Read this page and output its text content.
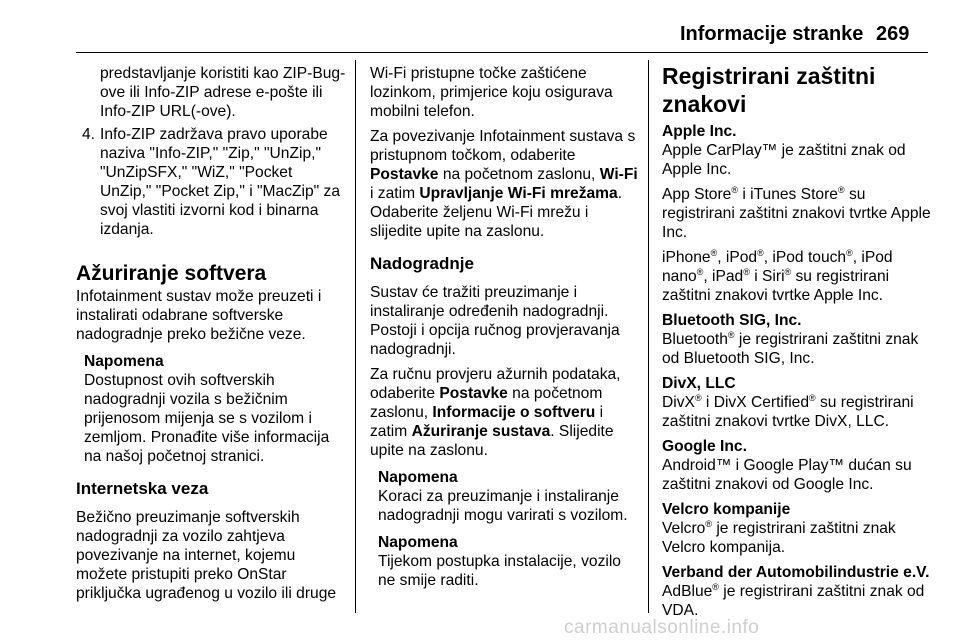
Informacije stranke 269

predstavljanje koristiti kao ZIP-Bug-ove ili Info-ZIP adrese e-pošte ili Info-ZIP URL(-ove).

4. Info-ZIP zadržava pravo uporabe naziva "Info-ZIP," "Zip," "UnZip," "UnZipSFX," "WiZ," "Pocket UnZip," "Pocket Zip," i "MacZip" za svoj vlastiti izvorni kod i binarna izdanja.

Ažuriranje softvera

Infotainment sustav može preuzeti i instalirati odabrane softverske nadogradnje preko bežične veze.

Napomena

Dostupnost ovih softverskih nadogradnji vozila s bežičnim prijenosom mijenja se s vozilom i zemljom. Pronađite više informacija na našoj početnoj stranici.

Internetska veza

Bežično preuzimanje softverskih nadogradnji za vozilo zahtjeva povezivanje na internet, kojemu možete pristupiti preko OnStar priključka ugrađenog u vozilo ili druge

Wi-Fi pristupne točke zaštićene lozinkom, primjerice koju osigurava mobilni telefon.

Za povezivanje Infotainment sustava s pristupnom točkom, odaberite Postavke na početnom zaslonu, Wi-Fi i zatim Upravljanje Wi-Fi mrežama. Odaberite željenu Wi-Fi mrežu i slijedite upite na zaslonu.

Nadogradnje

Sustav će tražiti preuzimanje i instaliranje određenih nadogradnji. Postoji i opcija ručnog provjeravanja nadogradnji.

Za ručnu provjeru ažurnih podataka, odaberite Postavke na početnom zaslonu, Informacije o softveru i zatim Ažuriranje sustava. Slijedite upite na zaslonu.

Napomena

Koraci za preuzimanje i instaliranje nadogradnji mogu varirati s vozilom.

Napomena

Tijekom postupka instalacije, vozilo ne smije raditi.

Registrirani zaštitni znakovi

Apple Inc.

Apple CarPlay™ je zaštitni znak od Apple Inc.

App Store® i iTunes Store® su registrirani zaštitni znakovi tvrtke Apple Inc.

iPhone®, iPod®, iPod touch®, iPod nano®, iPad® i Siri® su registrirani zaštitni znakovi tvrtke Apple Inc.

Bluetooth SIG, Inc.

Bluetooth® je registrirani zaštitni znak od Bluetooth SIG, Inc.

DivX, LLC

DivX® i DivX Certified® su registrirani zaštitni znakovi tvrtke DivX, LLC.

Google Inc.

Android™ i Google Play™ dućan su zaštitni znakovi od Google Inc.

Velcro kompanije

Velcro® je registrirani zaštitni znak Velcro kompanija.

Verband der Automobilindustrie e.V.

AdBlue® je registrirani zaštitni znak od VDA.

carmanualsonline.info
